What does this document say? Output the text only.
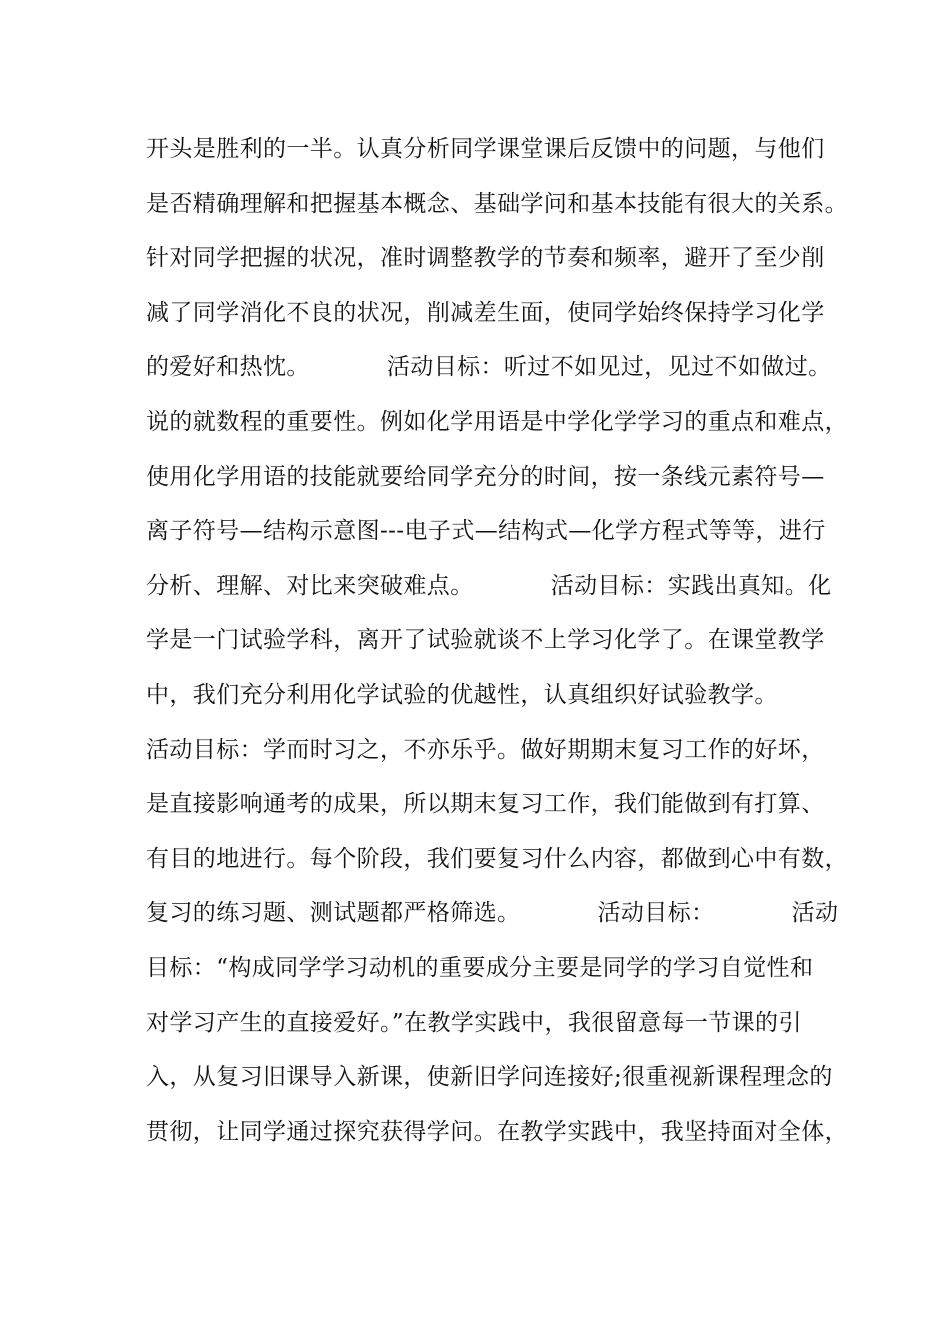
开头是胜利的一半。认真分析同学课堂课后反馈中的问题，与他们
是否精确理解和把握基本概念、基础学问和基本技能有很大的关系。
针对同学把握的状况，准时调整教学的节奏和频率，避开了至少削
减了同学消化不良的状况，削减差生面，使同学始终保持学习化学
的爱好和热忱。          活动目标：听过不如见过，见过不如做过。
说的就数程的重要性。例如化学用语是中学化学学习的重点和难点，
使用化学用语的技能就要给同学充分的时间，按一条线元素符号—
离子符号—结构示意图---电子式—结构式—化学方程式等等，进行
分析、理解、对比来突破难点。          活动目标：实践出真知。化
学是一门试验学科，离开了试验就谈不上学习化学了。在课堂教学
中，我们充分利用化学试验的优越性，认真组织好试验教学。
活动目标：学而时习之，不亦乐乎。做好期期末复习工作的好坏，
是直接影响通考的成果，所以期末复习工作，我们能做到有打算、
有目的地进行。每个阶段，我们要复习什么内容，都做到心中有数，
复习的练习题、测试题都严格筛选。          活动目标：          活动
目标：“构成同学学习动机的重要成分主要是同学的学习自觉性和
对学习产生的直接爱好。”在教学实践中，我很留意每一节课的引
入，从复习旧课导入新课，使新旧学问连接好;很重视新课程理念的
贯彻，让同学通过探究获得学问。在教学实践中，我坚持面对全体，
